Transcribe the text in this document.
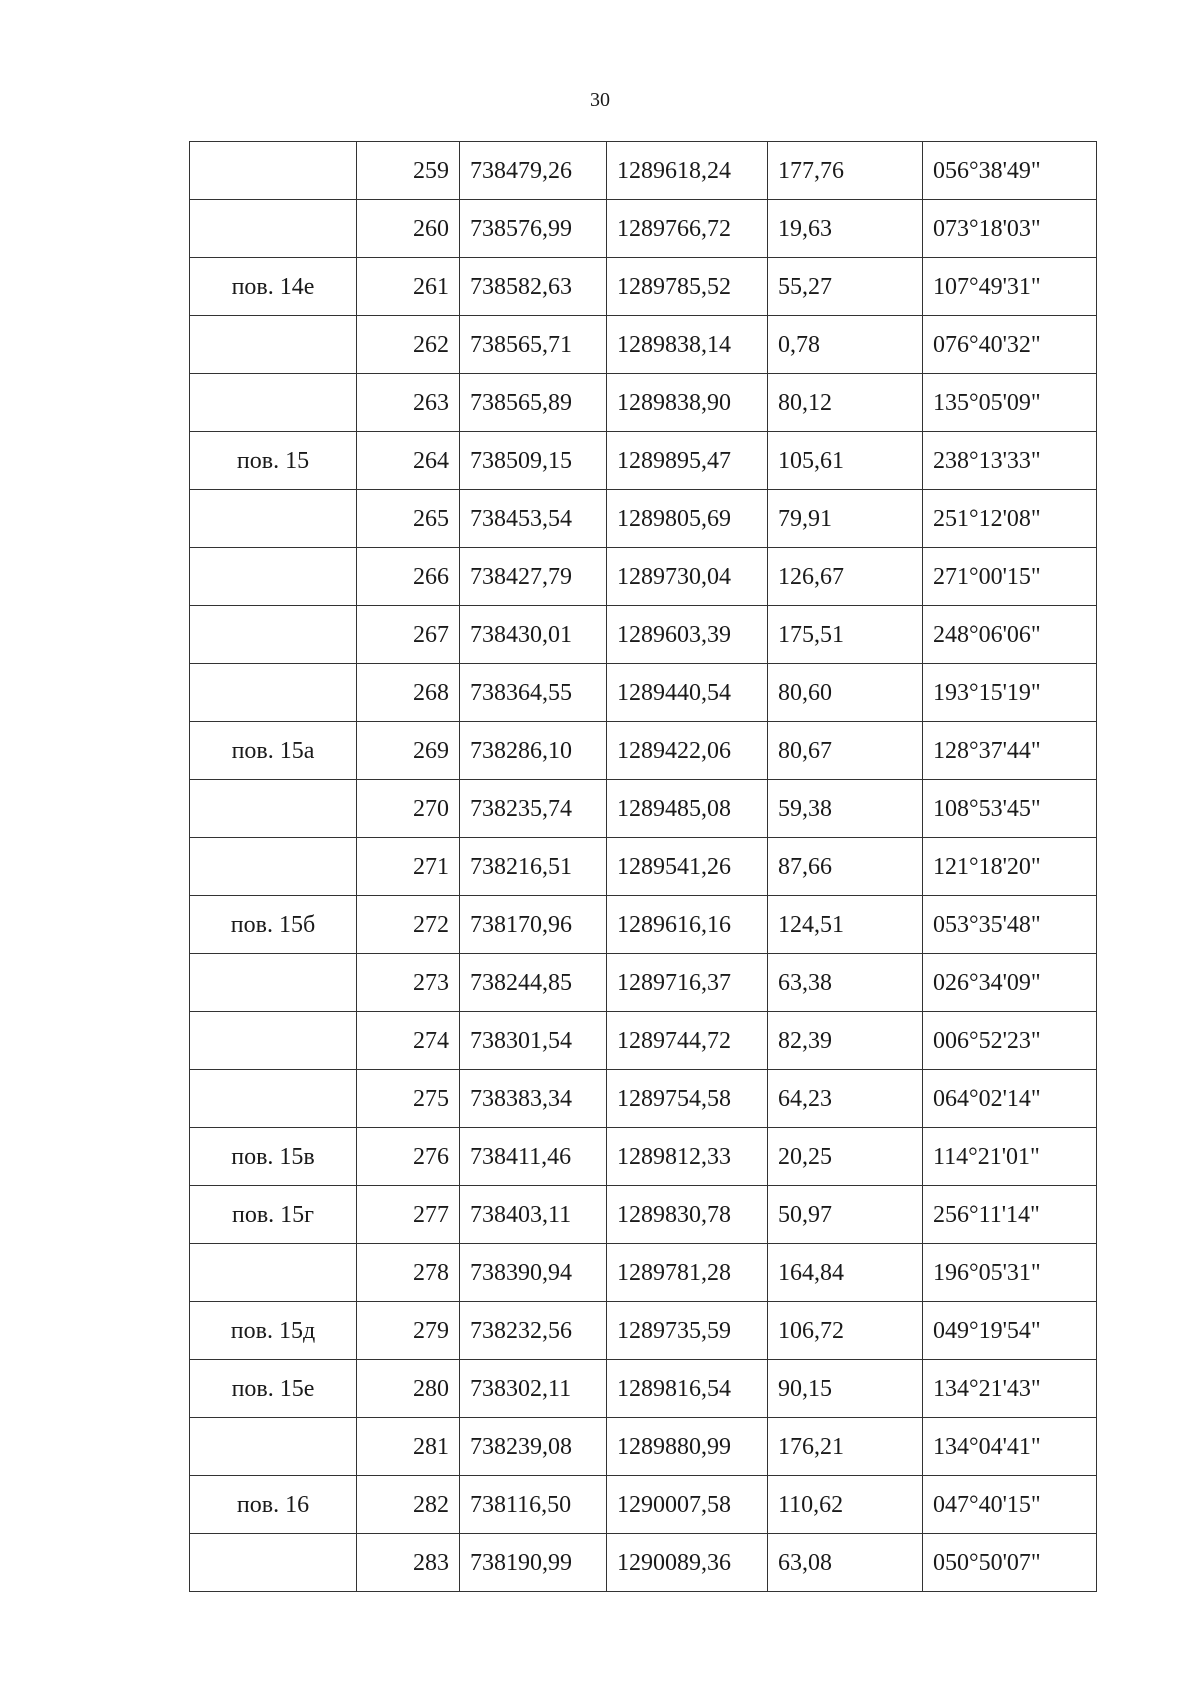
30
	259	738479,26	1289618,24	177,76	056°38'49"
	260	738576,99	1289766,72	19,63	073°18'03"
пов. 14е	261	738582,63	1289785,52	55,27	107°49'31"
	262	738565,71	1289838,14	0,78	076°40'32"
	263	738565,89	1289838,90	80,12	135°05'09"
пов. 15	264	738509,15	1289895,47	105,61	238°13'33"
	265	738453,54	1289805,69	79,91	251°12'08"
	266	738427,79	1289730,04	126,67	271°00'15"
	267	738430,01	1289603,39	175,51	248°06'06"
	268	738364,55	1289440,54	80,60	193°15'19"
пов. 15а	269	738286,10	1289422,06	80,67	128°37'44"
	270	738235,74	1289485,08	59,38	108°53'45"
	271	738216,51	1289541,26	87,66	121°18'20"
пов. 15б	272	738170,96	1289616,16	124,51	053°35'48"
	273	738244,85	1289716,37	63,38	026°34'09"
	274	738301,54	1289744,72	82,39	006°52'23"
	275	738383,34	1289754,58	64,23	064°02'14"
пов. 15в	276	738411,46	1289812,33	20,25	114°21'01"
пов. 15г	277	738403,11	1289830,78	50,97	256°11'14"
	278	738390,94	1289781,28	164,84	196°05'31"
пов. 15д	279	738232,56	1289735,59	106,72	049°19'54"
пов. 15е	280	738302,11	1289816,54	90,15	134°21'43"
	281	738239,08	1289880,99	176,21	134°04'41"
пов. 16	282	738116,50	1290007,58	110,62	047°40'15"
	283	738190,99	1290089,36	63,08	050°50'07"
